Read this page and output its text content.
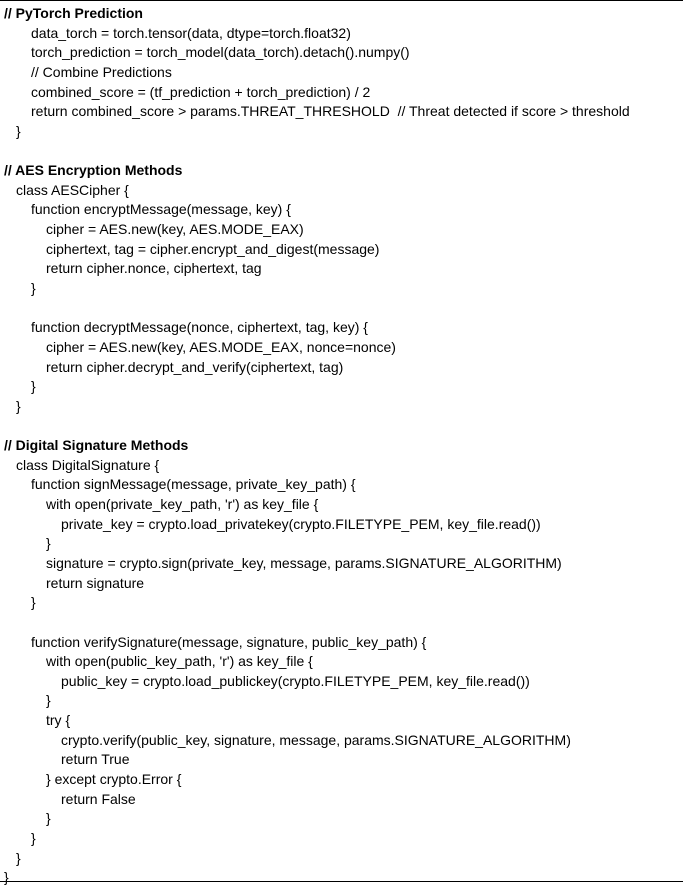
// PyTorch Prediction
data_torch = torch.tensor(data, dtype=torch.float32)
torch_prediction = torch_model(data_torch).detach().numpy()
// Combine Predictions
combined_score = (tf_prediction + torch_prediction) / 2
return combined_score > params.THREAT_THRESHOLD  // Threat detected if score > threshold
}
// AES Encryption Methods
class AESCipher {
function encryptMessage(message, key) {
cipher = AES.new(key, AES.MODE_EAX)
ciphertext, tag = cipher.encrypt_and_digest(message)
return cipher.nonce, ciphertext, tag
}
function decryptMessage(nonce, ciphertext, tag, key) {
cipher = AES.new(key, AES.MODE_EAX, nonce=nonce)
return cipher.decrypt_and_verify(ciphertext, tag)
}
}
// Digital Signature Methods
class DigitalSignature {
function signMessage(message, private_key_path) {
with open(private_key_path, 'r') as key_file {
private_key = crypto.load_privatekey(crypto.FILETYPE_PEM, key_file.read())
}
signature = crypto.sign(private_key, message, params.SIGNATURE_ALGORITHM)
return signature
}
function verifySignature(message, signature, public_key_path) {
with open(public_key_path, 'r') as key_file {
public_key = crypto.load_publickey(crypto.FILETYPE_PEM, key_file.read())
}
try {
crypto.verify(public_key, signature, message, params.SIGNATURE_ALGORITHM)
return True
} except crypto.Error {
return False
}
}
}
}
